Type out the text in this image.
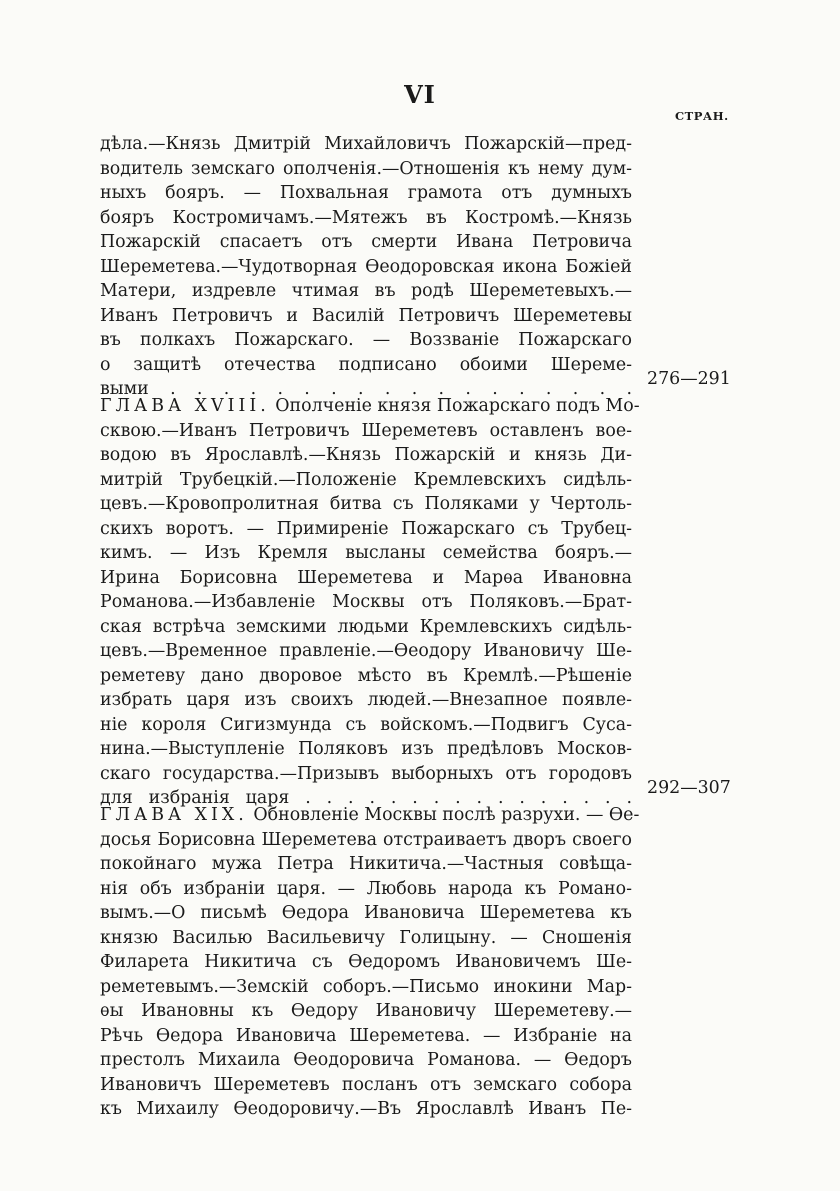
VI
СТРАН.
дѣла.—Князь Дмитрій Михайловичъ Пожарскій—пред-
водитель земскаго ополченія.—Отношенія къ нему дум-
ныхъ бояръ. — Похвальная грамота отъ думныхъ
бояръ Костромичамъ.—Мятежъ въ Костромѣ.—Князь
Пожарскій спасаетъ отъ смерти Ивана Петровича
Шереметева.—Чудотворная Ѳеодоровская икона Божіей
Матери, издревле чтимая въ родѣ Шереметевыхъ.—
Иванъ Петровичъ и Василій Петровичъ Шереметевы
въ полкахъ Пожарскаго. — Воззваніе Пожарскаго
о защитѣ отечества подписано обоими Шереме-
выми . . . . . . . . . . . . . . . . . . 276—291
ГЛАВА XVIII. Ополченіе князя Пожарскаго подъ Мо-
сквою.—Иванъ Петровичъ Шереметевъ оставленъ вое-
водою въ Ярославлѣ.—Князь Пожарскій и князь Ди-
митрій Трубецкій.—Положеніе Кремлевскихъ сидѣль-
цевъ.—Кровопролитная битва съ Поляками у Чертоль-
скихъ воротъ. — Примиреніе Пожарскаго съ Трубец-
кимъ. — Изъ Кремля высланы семейства бояръ.—
Ирина Борисовна Шереметева и Марѳа Ивановна
Романова.—Избавленіе Москвы отъ Поляковъ.—Брат-
ская встрѣча земскими людьми Кремлевскихъ сидѣль-
цевъ.—Временное правленіе.—Ѳеодору Ивановичу Ше-
реметеву дано дворовое мѣсто въ Кремлѣ.—Рѣшеніе
избрать царя изъ своихъ людей.—Внезапное появле-
ніе короля Сигизмунда съ войскомъ.—Подвигъ Суса-
нина.—Выступленіе Поляковъ изъ предѣловъ Москов-
скаго государства.—Призывъ выборныхъ отъ городовъ
для избранія царя . . . . . . . . . . . . . . . . 292—307
ГЛАВА XIX. Обновленіе Москвы послѣ разрухи. — Ѳе-
досья Борисовна Шереметева отстраиваетъ дворъ своего
покойнаго мужа Петра Никитича.—Частныя совѣща-
нія объ избраніи царя. — Любовь народа къ Романо-
вымъ.—О письмѣ Ѳедора Ивановича Шереметева къ
князю Василью Васильевичу Голицыну. — Сношенія
Филарета Никитича съ Ѳедоромъ Ивановичемъ Ше-
реметевымъ.—Земскій соборъ.—Письмо инокини Мар-
ѳы Ивановны къ Ѳедору Ивановичу Шереметеву.—
Рѣчь Ѳедора Ивановича Шереметева. — Избраніе на
престолъ Михаила Ѳеодоровича Романова. — Ѳедоръ
Ивановичъ Шереметевъ посланъ отъ земскаго собора
къ Михаилу Ѳеодоровичу.—Въ Ярославлѣ Иванъ Пе-
